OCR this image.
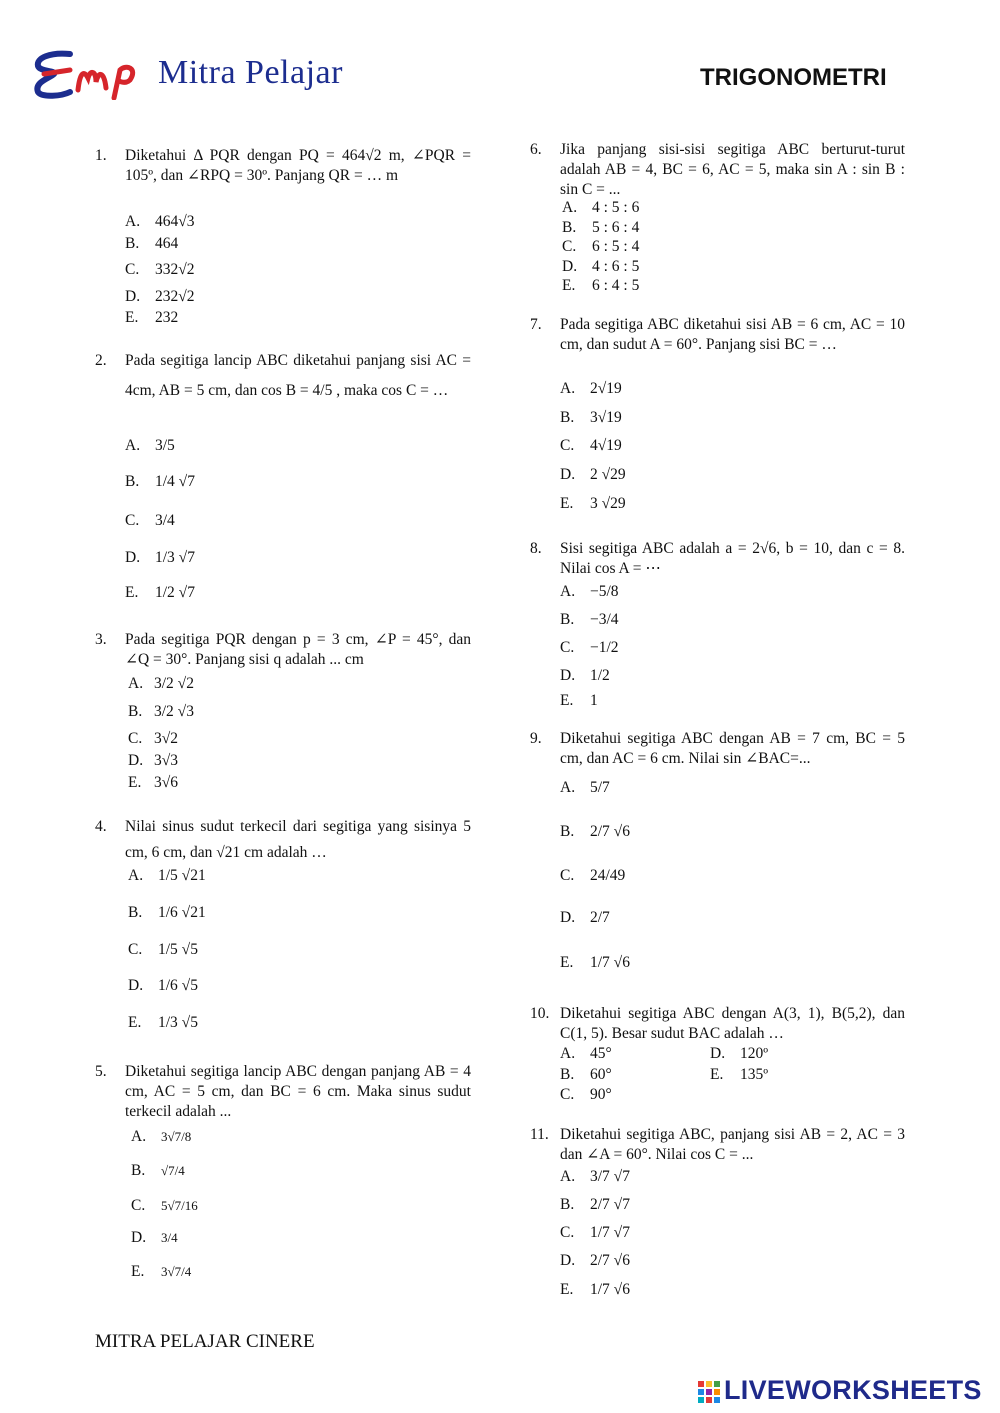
Mitra Pelajar	TRIGONOMETRI
1.	Diketahui Δ PQR dengan PQ = 464√2 m, ∠PQR = 105º, dan ∠RPQ = 30º. Panjang QR = … m
A. 464√3
B. 464
C. 332√2
D. 232√2
E. 232
2.	Pada segitiga lancip ABC diketahui panjang sisi AC = 4cm, AB = 5 cm, dan cos B = 4/5 , maka cos C = …
A. 3/5
B. 1/4 √7
C. 3/4
D. 1/3 √7
E. 1/2 √7
3.	Pada segitiga PQR dengan p = 3 cm, ∠P = 45°, dan ∠Q = 30°. Panjang sisi q adalah ... cm
A. 3/2 √2
B. 3/2 √3
C. 3√2
D. 3√3
E. 3√6
4.	Nilai sinus sudut terkecil dari segitiga yang sisinya 5 cm, 6 cm, dan √21 cm adalah …
A. 1/5 √21
B. 1/6 √21
C. 1/5 √5
D. 1/6 √5
E. 1/3 √5
5.	Diketahui segitiga lancip ABC dengan panjang AB = 4 cm, AC = 5 cm, dan BC = 6 cm. Maka sinus sudut terkecil adalah ...
A. 3√7/8
B. √7/4
C. 5√7/16
D. 3/4
E. 3√7/4
6.	Jika panjang sisi-sisi segitiga ABC berturut-turut adalah AB = 4, BC = 6, AC = 5, maka sin A : sin B : sin C = ...
A. 4 : 5 : 6
B. 5 : 6 : 4
C. 6 : 5 : 4
D. 4 : 6 : 5
E. 6 : 4 : 5
7.	Pada segitiga ABC diketahui sisi AB = 6 cm, AC = 10 cm, dan sudut A = 60°. Panjang sisi BC = …
A. 2√19
B. 3√19
C. 4√19
D. 2 √29
E. 3 √29
8.	Sisi segitiga ABC adalah a = 2√6, b = 10, dan c = 8. Nilai cos A = ⋯
A. −5/8
B. −3/4
C. −1/2
D. 1/2
E. 1
9.	Diketahui segitiga ABC dengan AB = 7 cm, BC = 5 cm, dan AC = 6 cm. Nilai sin ∠BAC=...
A. 5/7
B. 2/7 √6
C. 24/49
D. 2/7
E. 1/7 √6
10. Diketahui segitiga ABC dengan A(3, 1), B(5,2), dan C(1, 5). Besar sudut BAC adalah …
A. 45°	D. 120º
B. 60°	E. 135º
C. 90°
11. Diketahui segitiga ABC, panjang sisi AB = 2, AC = 3 dan ∠A = 60°. Nilai cos C = ...
A. 3/7 √7
B. 2/7 √7
C. 1/7 √7
D. 2/7 √6
E. 1/7 √6
MITRA PELAJAR CINERE
LIVEWORKSHEETS
